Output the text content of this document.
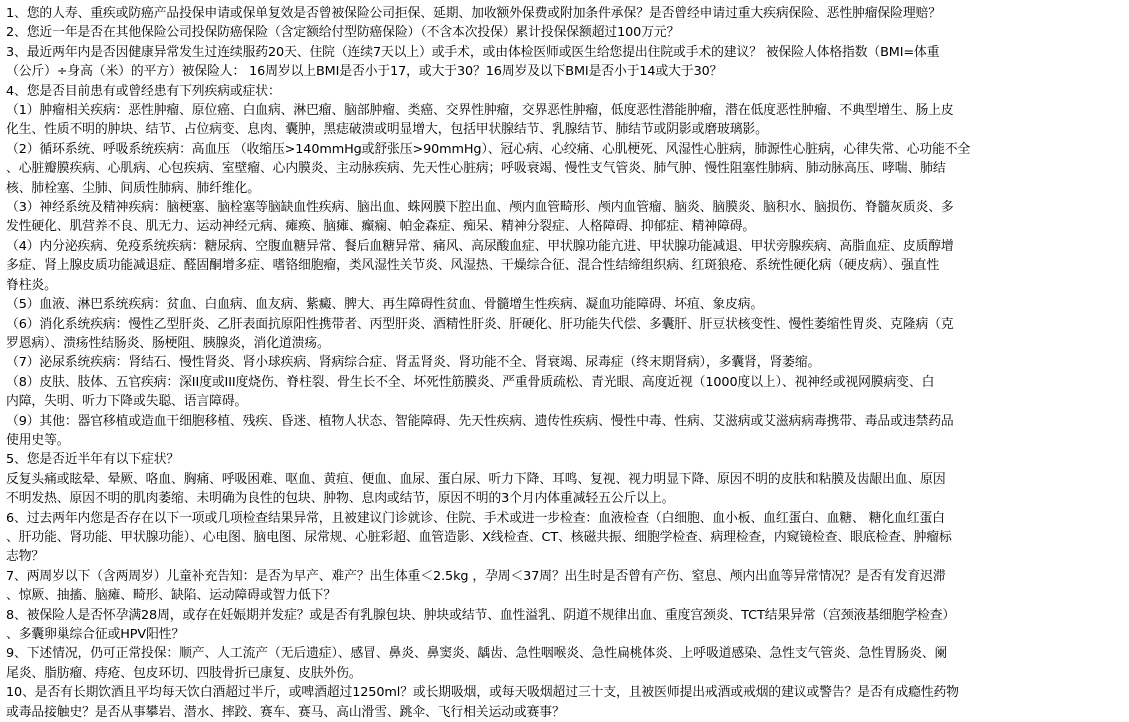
1、您的人寿、重疾或防癌产品投保申请或保单复效是否曾被保险公司拒保、延期、加收额外保费或附加条件承保？是否曾经申请过重大疾病保险、恶性肿瘤保险理赔？
2、您近一年是否在其他保险公司投保防癌保险（含定额给付型防癌保险）（不含本次投保）累计投保保额超过100万元？
3、最近两年内是否因健康异常发生过连续服药20天、住院（连续7天以上）或手术，或由体检医师或医生给您提出住院或手术的建议？ 被保险人体格指数（BMI=体重
（公斤）÷身高（米）的平方）被保险人： 16周岁以上BMI是否小于17，或大于30？16周岁及以下BMI是否小于14或大于30？
4、您是否目前患有或曾经患有下列疾病或症状：
（1）肿瘤相关疾病：恶性肿瘤、原位癌、白血病、淋巴瘤、脑部肿瘤、类癌、交界性肿瘤，交界恶性肿瘤，低度恶性潜能肿瘤，潜在低度恶性肿瘤、不典型增生、肠上皮
化生、性质不明的肿块、结节、占位病变、息肉、囊肿，黑痣破溃或明显增大，包括甲状腺结节、乳腺结节、肺结节或阴影或磨玻璃影。
（2）循环系统、呼吸系统疾病：高血压 （收缩压>140mmHg或舒张压>90mmHg）、冠心病、心绞痛、心肌梗死、风湿性心脏病，肺源性心脏病，心律失常、心功能不全
、心脏瓣膜疾病、心肌病、心包疾病、室壁瘤、心内膜炎、主动脉疾病、先天性心脏病；呼吸衰竭、慢性支气管炎、肺气肿、慢性阻塞性肺病、肺动脉高压、哮喘、肺结
核、肺栓塞、尘肺、间质性肺病、肺纤维化。
（3）神经系统及精神疾病：脑梗塞、脑栓塞等脑缺血性疾病、脑出血、蛛网膜下腔出血、颅内血管畸形、颅内血管瘤、脑炎、脑膜炎、脑积水、脑损伤、脊髓灰质炎、多
发性硬化、肌营养不良、肌无力、运动神经元病、瘫痪、脑瘫、癫痫、帕金森症、痴呆、精神分裂症、人格障碍、抑郁症、精神障碍。
（4）内分泌疾病、免疫系统疾病：糖尿病、空腹血糖异常、餐后血糖异常、痛风、高尿酸血症、甲状腺功能亢进、甲状腺功能减退、甲状旁腺疾病、高脂血症、皮质醇增
多症、肾上腺皮质功能减退症、醛固酮增多症、嗜铬细胞瘤，类风湿性关节炎、风湿热、干燥综合征、混合性结缔组织病、红斑狼疮、系统性硬化病（硬皮病）、强直性
脊柱炎。
（5）血液、淋巴系统疾病：贫血、白血病、血友病、紫癜、脾大、再生障碍性贫血、骨髓增生性疾病、凝血功能障碍、坏疽、象皮病。
（6）消化系统疾病：慢性乙型肝炎、乙肝表面抗原阳性携带者、丙型肝炎、酒精性肝炎、肝硬化、肝功能失代偿、多囊肝、肝豆状核变性、慢性萎缩性胃炎、克隆病（克
罗恩病）、溃疡性结肠炎、肠梗阻、胰腺炎，消化道溃疡。
（7）泌尿系统疾病：肾结石、慢性肾炎、肾小球疾病、肾病综合症、肾盂肾炎、肾功能不全、肾衰竭、尿毒症（终末期肾病），多囊肾，肾萎缩。
（8）皮肤、肢体、五官疾病：深II度或III度烧伤、脊柱裂、骨生长不全、坏死性筋膜炎、严重骨质疏松、青光眼、高度近视（1000度以上）、视神经或视网膜病变、白
内障，失明、听力下降或失聪、语言障碍。
（9）其他：器官移植或造血干细胞移植、残疾、昏迷、植物人状态、智能障碍、先天性疾病、遗传性疾病、慢性中毒、性病、艾滋病或艾滋病病毒携带、毒品或违禁药品
使用史等。
5、您是否近半年有以下症状？
反复头痛或眩晕、晕厥、咯血、胸痛、呼吸困难、呕血、黄疸、便血、血尿、蛋白尿、听力下降、耳鸣、复视、视力明显下降、原因不明的皮肤和粘膜及齿龈出血、原因
不明发热、原因不明的肌肉萎缩、未明确为良性的包块、肿物、息肉或结节，原因不明的3个月内体重减轻五公斤以上。
6、过去两年内您是否存在以下一项或几项检查结果异常，且被建议门诊就诊、住院、手术或进一步检查：血液检查（白细胞、血小板、血红蛋白、血糖、 糖化血红蛋白
、肝功能、肾功能、甲状腺功能）、心电图、脑电图、尿常规、心脏彩超、血管造影、X线检查、CT、核磁共振、细胞学检查、病理检查，内窥镜检查、眼底检查、肿瘤标
志物？
7、两周岁以下（含两周岁）儿童补充告知：是否为早产、难产？出生体重＜2.5kg ，孕周＜37周？出生时是否曾有产伤、窒息、颅内出血等异常情况？是否有发育迟滞
、惊厥、抽搐、脑瘫、畸形、缺陷、运动障碍或智力低下？
8、被保险人是否怀孕满28周，或存在妊娠期并发症？或是否有乳腺包块、肿块或结节、血性溢乳、阴道不规律出血、重度宫颈炎、TCT结果异常（宫颈液基细胞学检查）
、多囊卵巢综合征或HPV阳性？
9、下述情况，仍可正常投保：顺产、人工流产（无后遗症）、感冒、鼻炎、鼻窦炎、龋齿、急性咽喉炎、急性扁桃体炎、上呼吸道感染、急性支气管炎、急性胃肠炎、阑
尾炎、脂肪瘤、痔疮、包皮环切、四肢骨折已康复、皮肤外伤。
10、是否有长期饮酒且平均每天饮白酒超过半斤，或啤酒超过1250ml？或长期吸烟，或每天吸烟超过三十支，且被医师提出戒酒或戒烟的建议或警告？是否有成瘾性药物
或毒品接触史？是否从事攀岩、潜水、摔跤、赛车、赛马、高山滑雪、跳伞、飞行相关运动或赛事？
